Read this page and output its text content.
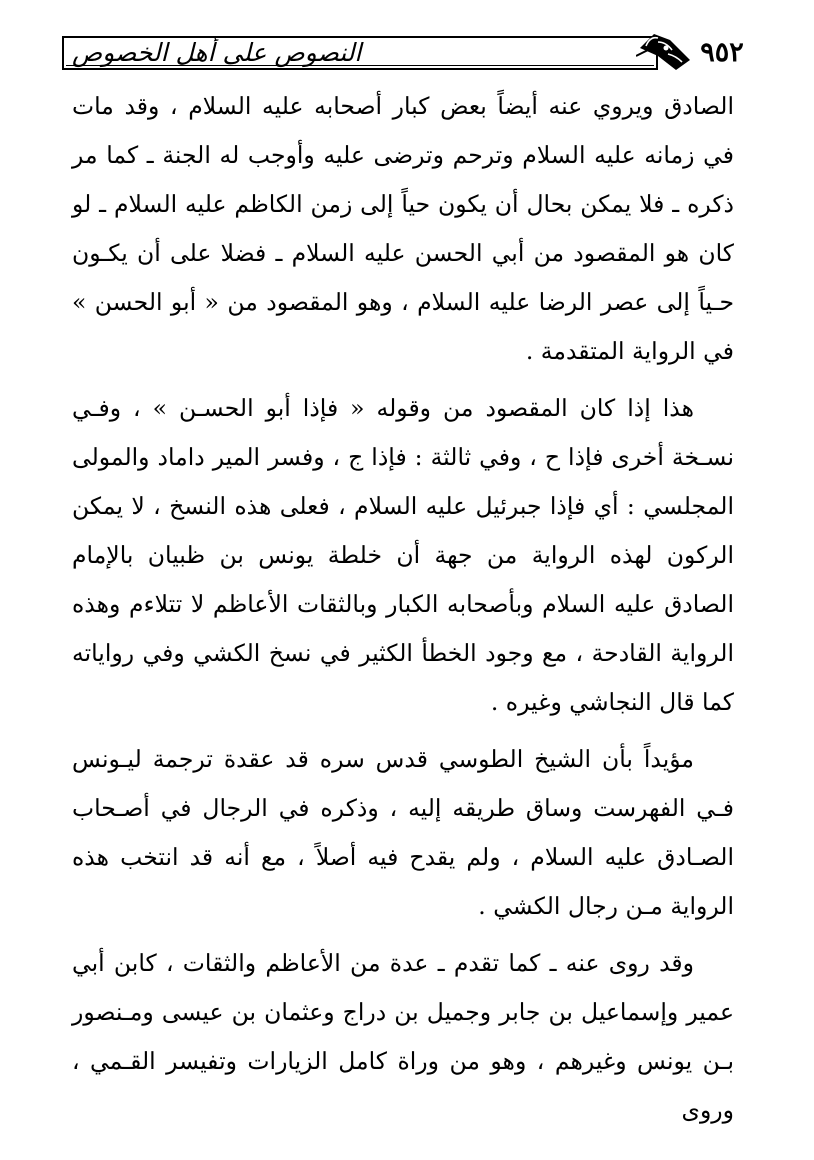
النصوص على أهل الخصوص	٩٥٢

الصادق ويروي عنه أيضاً بعض كبار أصحابه عليه السلام ، وقد مات في زمانه عليه السلام وترحم وترضى عليه وأوجب له الجنة ـ كما مر ذكره ـ فلا يمكن بحال أن يكون حياً إلى زمن الكاظم عليه السلام ـ لو كان هو المقصود من أبي الحسن عليه السلام ـ فضلا على أن يكـون حـياً إلى عصر الرضا عليه السلام ، وهو المقصود من « أبو الحسن » في الرواية المتقدمة .

هذا إذا كان المقصود من وقوله « فإذا أبو الحسـن » ، وفـي نسـخة أخرى فإذا ح ، وفي ثالثة : فإذا ج ، وفسر المير داماد والمولى المجلسي : أي فإذا جبرئيل عليه السلام ، فعلى هذه النسخ ، لا يمكن الركون لهذه الرواية من جهة أن خلطة يونس بن ظبيان بالإمام الصادق عليه السلام وبأصحابه الكبار وبالثقات الأعاظم لا تتلاءم وهذه الرواية القادحة ، مع وجود الخطأ الكثير في نسخ الكشي وفي رواياته كما قال النجاشي وغيره .

مؤيداً بأن الشيخ الطوسي قدس سره قد عقدة ترجمة ليـونس فـي الفهرست وساق طريقه إليه ، وذكره في الرجال في أصـحاب الصـادق عليه السلام ، ولم يقدح فيه أصلاً ، مع أنه قد انتخب هذه الرواية مـن رجال الكشي .

وقد روى عنه ـ كما تقدم ـ عدة من الأعاظم والثقات ، كابن أبي عمير وإسماعيل بن جابر وجميل بن دراج وعثمان بن عيسى ومـنصور بـن يونس وغيرهم ، وهو من وراة كامل الزيارات وتفيسر القـمي ، وروى
